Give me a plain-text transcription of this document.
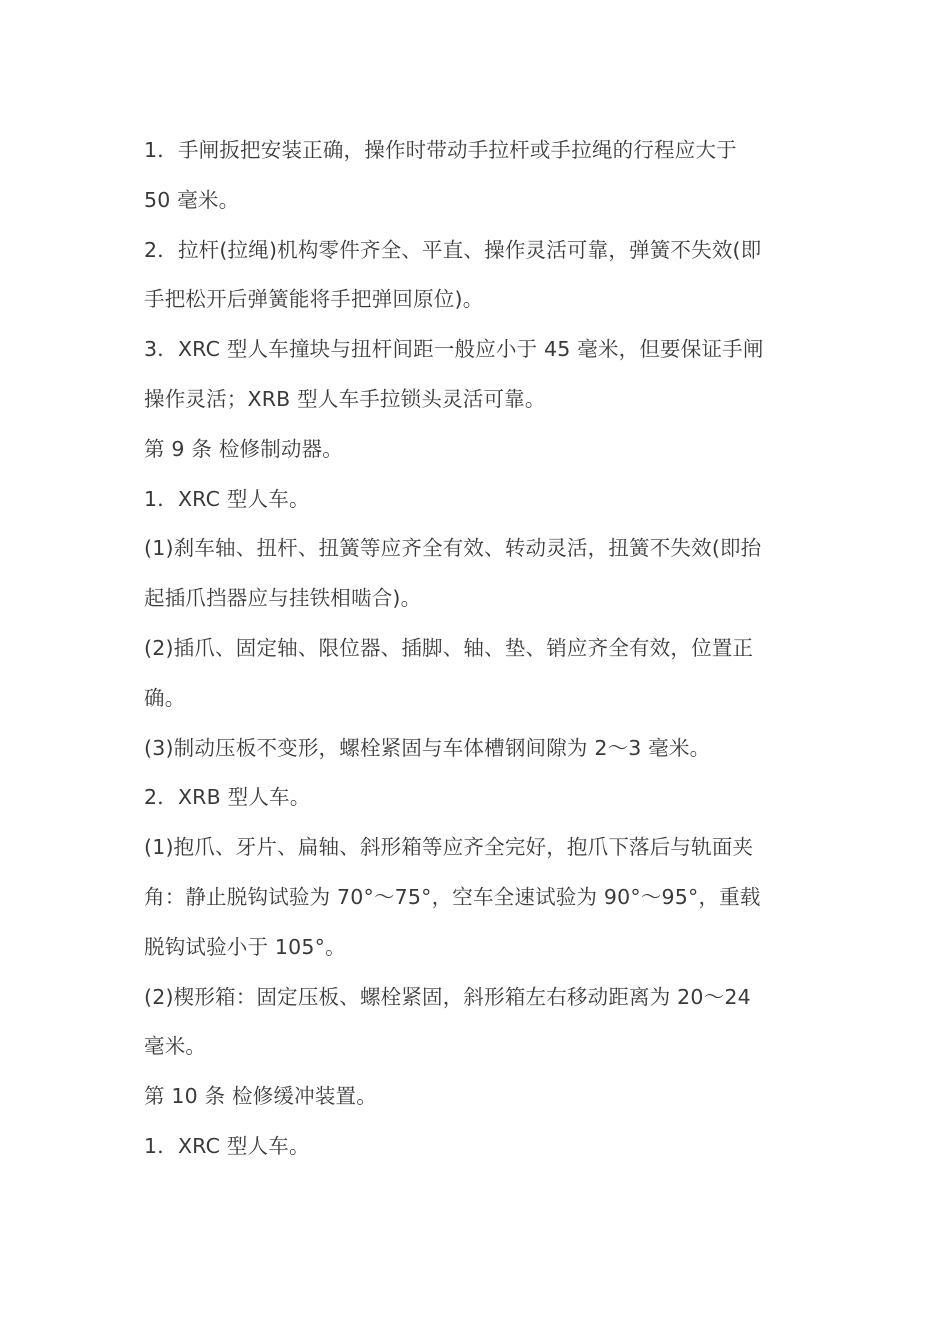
1．手闸扳把安装正确，操作时带动手拉杆或手拉绳的行程应大于
50 毫米。
2．拉杆(拉绳)机构零件齐全、平直、操作灵活可靠，弹簧不失效(即
手把松开后弹簧能将手把弹回原位)。
3．XRC 型人车撞块与扭杆间距一般应小于 45 毫米，但要保证手闸
操作灵活；XRB 型人车手拉锁头灵活可靠。
第 9 条 检修制动器。
1．XRC 型人车。
(1)刹车轴、扭杆、扭簧等应齐全有效、转动灵活，扭簧不失效(即抬
起插爪挡器应与挂铁相啮合)。
(2)插爪、固定轴、限位器、插脚、轴、垫、销应齐全有效，位置正
确。
(3)制动压板不变形，螺栓紧固与车体槽钢间隙为 2～3 毫米。
2．XRB 型人车。
(1)抱爪、牙片、扁轴、斜形箱等应齐全完好，抱爪下落后与轨面夹
角：静止脱钩试验为 70°～75°，空车全速试验为 90°～95°，重载
脱钩试验小于 105°。
(2)楔形箱：固定压板、螺栓紧固，斜形箱左右移动距离为 20～24
毫米。
第 10 条 检修缓冲装置。
1．XRC 型人车。
